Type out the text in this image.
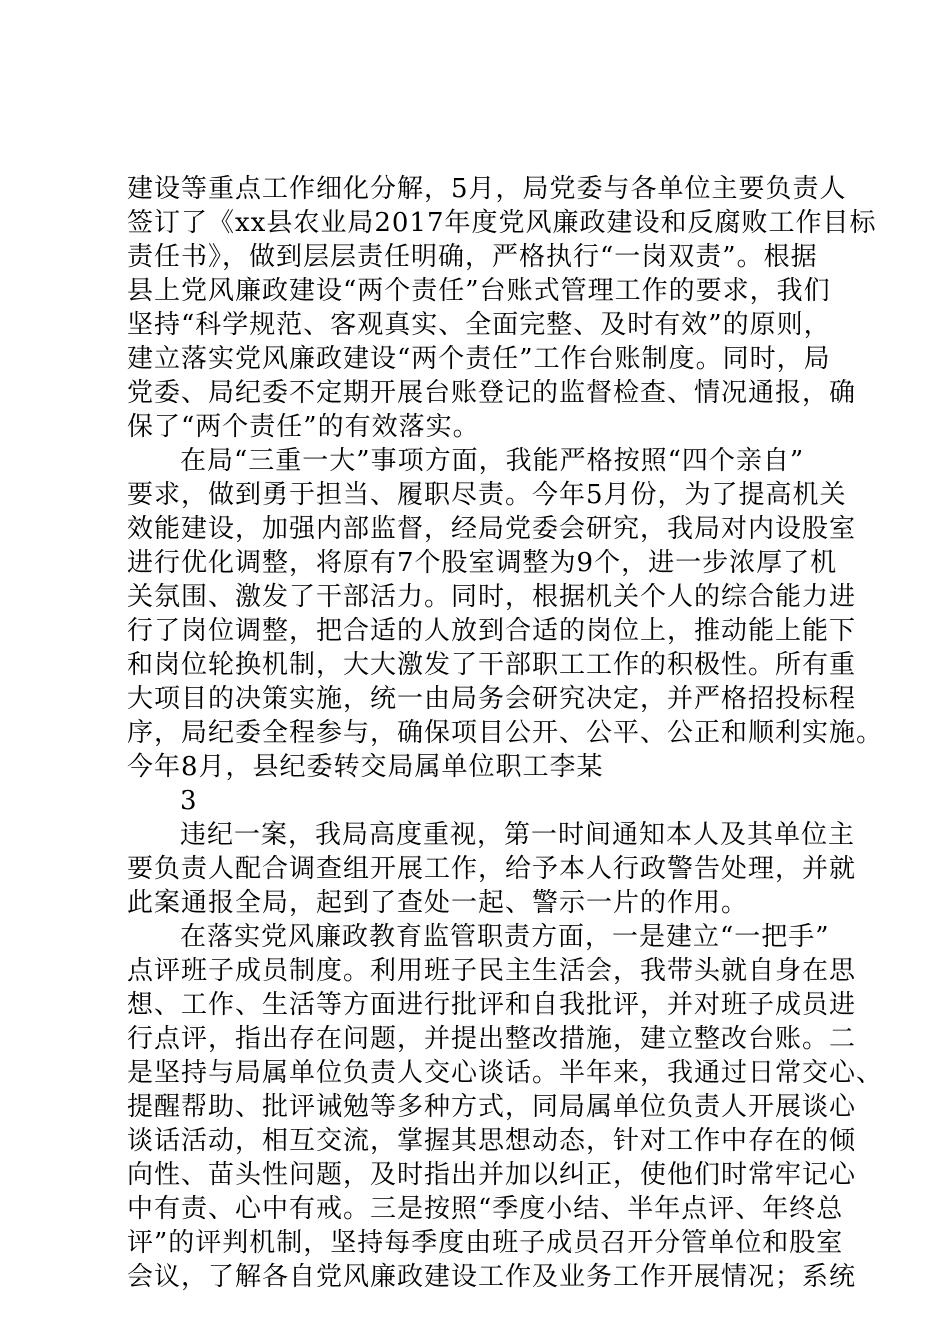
建设等重点工作细化分解，5月，局党委与各单位主要负责人
签订了《xx县农业局2017年度党风廉政建设和反腐败工作目标
责任书》，做到层层责任明确，严格执行“一岗双责”。根据
县上党风廉政建设“两个责任”台账式管理工作的要求，我们
坚持“科学规范、客观真实、全面完整、及时有效”的原则，
建立落实党风廉政建设“两个责任”工作台账制度。同时，局
党委、局纪委不定期开展台账登记的监督检查、情况通报，确
保了“两个责任”的有效落实。
在局“三重一大”事项方面，我能严格按照“四个亲自”
要求，做到勇于担当、履职尽责。今年5月份，为了提高机关
效能建设，加强内部监督，经局党委会研究，我局对内设股室
进行优化调整，将原有7个股室调整为9个，进一步浓厚了机
关氛围、激发了干部活力。同时，根据机关个人的综合能力进
行了岗位调整，把合适的人放到合适的岗位上，推动能上能下
和岗位轮换机制，大大激发了干部职工工作的积极性。所有重
大项目的决策实施，统一由局务会研究决定，并严格招投标程
序，局纪委全程参与，确保项目公开、公平、公正和顺利实施。
今年8月，县纪委转交局属单位职工李某
3
违纪一案，我局高度重视，第一时间通知本人及其单位主
要负责人配合调查组开展工作，给予本人行政警告处理，并就
此案通报全局，起到了查处一起、警示一片的作用。
在落实党风廉政教育监管职责方面，一是建立“一把手”
点评班子成员制度。利用班子民主生活会，我带头就自身在思
想、工作、生活等方面进行批评和自我批评，并对班子成员进
行点评，指出存在问题，并提出整改措施，建立整改台账。二
是坚持与局属单位负责人交心谈话。半年来，我通过日常交心、
提醒帮助、批评诫勉等多种方式，同局属单位负责人开展谈心
谈话活动，相互交流，掌握其思想动态，针对工作中存在的倾
向性、苗头性问题，及时指出并加以纠正，使他们时常牢记心
中有责、心中有戒。三是按照“季度小结、半年点评、年终总
评”的评判机制，坚持每季度由班子成员召开分管单位和股室
会议，了解各自党风廉政建设工作及业务工作开展情况；系统
